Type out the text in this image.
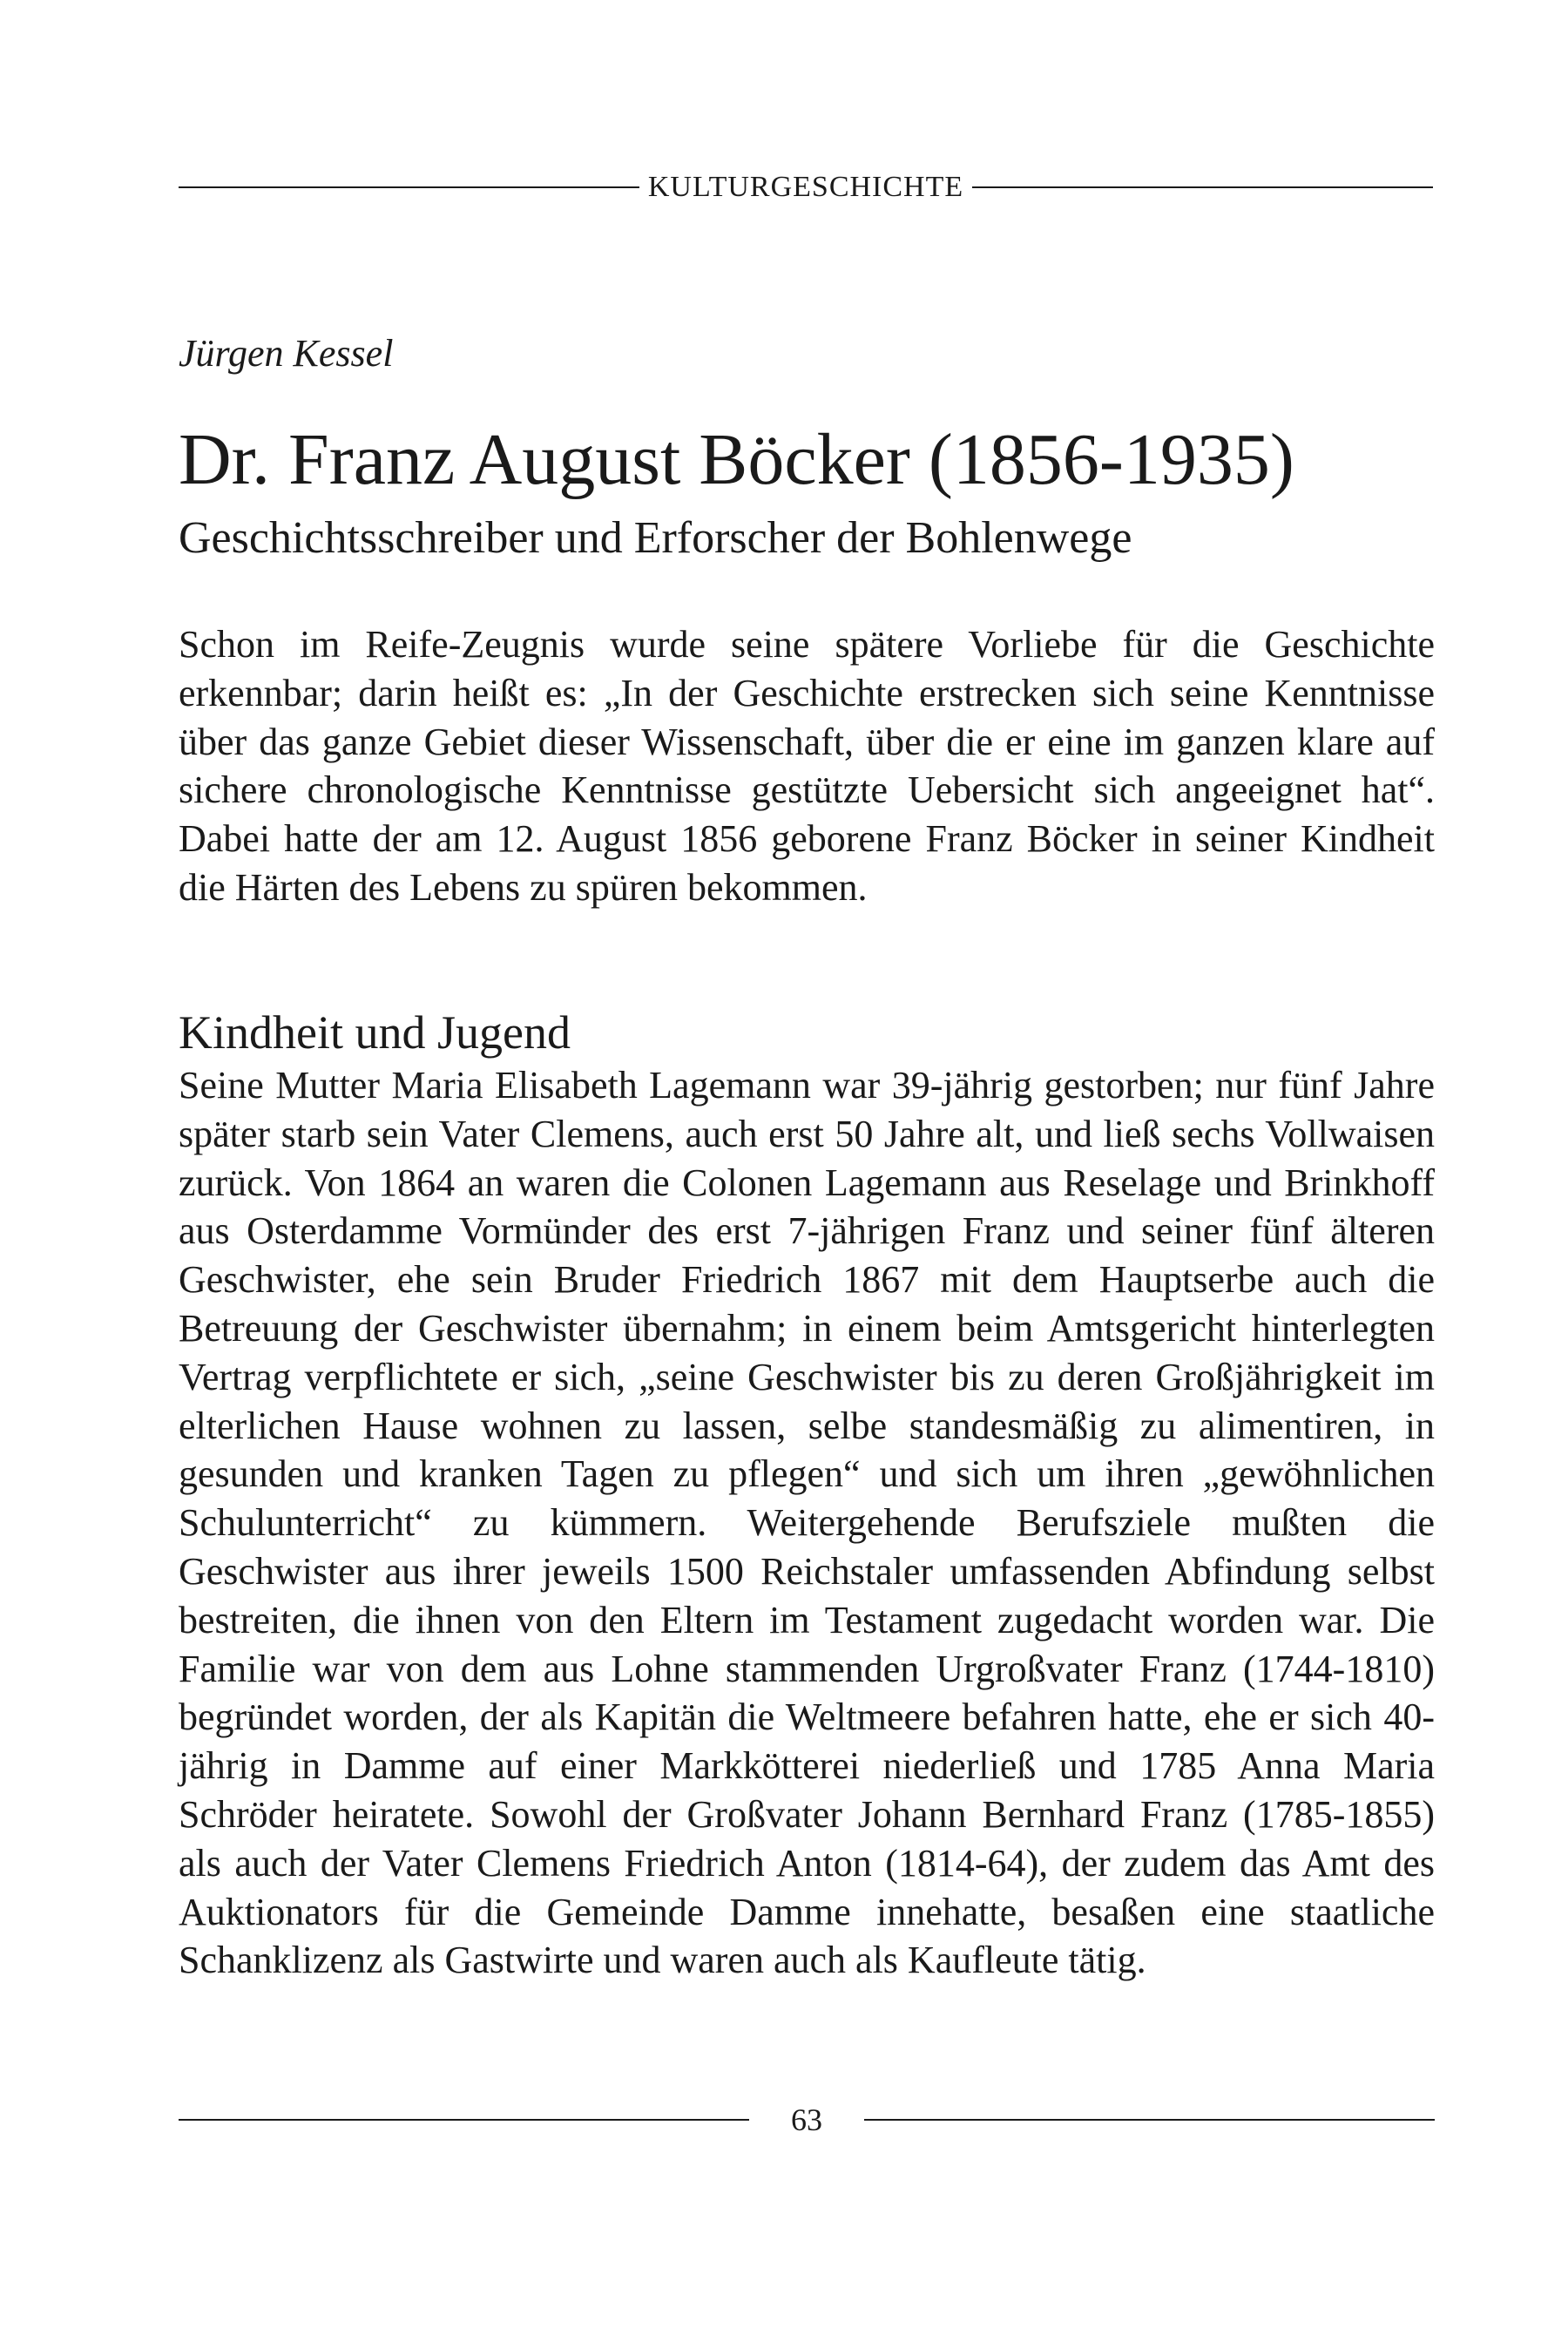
KULTURGESCHICHTE
Jürgen Kessel
Dr. Franz August Böcker (1856-1935)
Geschichtsschreiber und Erforscher der Bohlenwege

Schon im Reife-Zeugnis wurde seine spätere Vorliebe für die Geschichte erkennbar; darin heißt es: „In der Geschichte erstrecken sich seine Kenntnisse über das ganze Gebiet dieser Wissenschaft, über die er eine im ganzen klare auf sichere chronologische Kenntnisse gestützte Uebersicht sich angeeignet hat“. Dabei hatte der am 12. August 1856 geborene Franz Böcker in seiner Kindheit die Härten des Lebens zu spüren bekommen.

Kindheit und Jugend

Seine Mutter Maria Elisabeth Lagemann war 39-jährig gestorben; nur fünf Jahre später starb sein Vater Clemens, auch erst 50 Jahre alt, und ließ sechs Vollwaisen zurück. Von 1864 an waren die Colonen Lagemann aus Reselage und Brinkhoff aus Osterdamme Vormünder des erst 7-jährigen Franz und seiner fünf älteren Geschwister, ehe sein Bruder Friedrich 1867 mit dem Hauptserbe auch die Betreuung der Geschwister übernahm; in einem beim Amtsgericht hinterlegten Vertrag verpflichtete er sich, „seine Geschwister bis zu deren Großjährigkeit im elterlichen Hause wohnen zu lassen, selbe standesmäßig zu alimentiren, in gesunden und kranken Tagen zu pflegen“ und sich um ihren „gewöhnlichen Schulunterricht“ zu kümmern. Weitergehende Berufsziele mußten die Geschwister aus ihrer jeweils 1500 Reichstaler umfassenden Abfindung selbst bestreiten, die ihnen von den Eltern im Testament zugedacht worden war. Die Familie war von dem aus Lohne stammenden Urgroßvater Franz (1744-1810) begründet worden, der als Kapitän die Weltmeere befahren hatte, ehe er sich 40-jährig in Damme auf einer Markkötterei niederließ und 1785 Anna Maria Schröder heiratete. Sowohl der Großvater Johann Bernhard Franz (1785-1855) als auch der Vater Clemens Friedrich Anton (1814-64), der zudem das Amt des Auktionators für die Gemeinde Damme innehatte, besaßen eine staatliche Schanklizenz als Gastwirte und waren auch als Kaufleute tätig.

63
